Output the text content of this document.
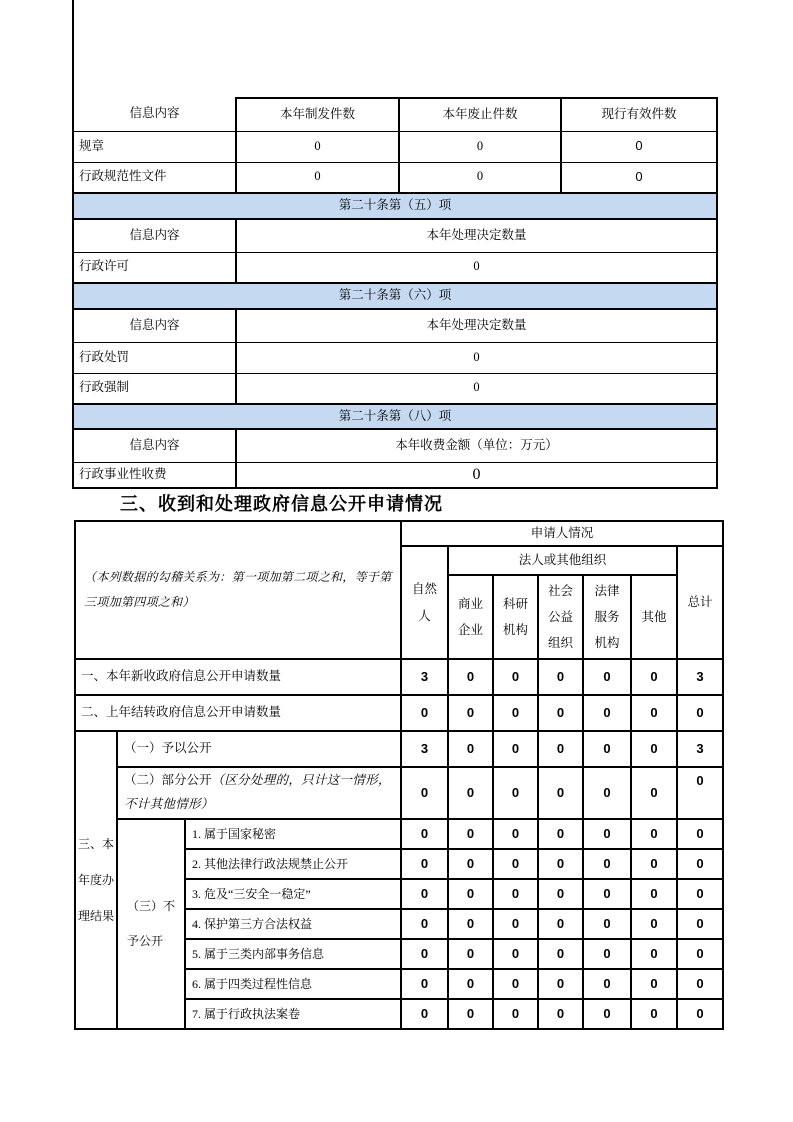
信息内容	本年制发件数	本年废止件数	现行有效件数
规章	0	0	0
行政规范性文件	0	0	0
第二十条第（五）项			
信息内容	本年处理决定数量		
行政许可	0		
第二十条第（六）项			
信息内容	本年处理决定数量		
行政处罚	0		
行政强制	0		
第二十条第（八）项			
信息内容	本年收费金额（单位：万元）		
行政事业性收费	0		
三、收到和处理政府信息公开申请情况
（本列数据的勾稽关系为：第一项加第二项之和，等于第三项加第四项之和）			申请人情况						
			自然人	法人或其他组织					总计
				商业企业	科研机构	社会公益组织	法律服务机构	其他	
一、本年新收政府信息公开申请数量			3	0	0	0	0	0	3
二、上年结转政府信息公开申请数量			0	0	0	0	0	0	0
三、本年度办理结果	（一）予以公开		3	0	0	0	0	0	3
	（二）部分公开（区分处理的，只计这一情形，不计其他情形）		0	0	0	0	0	0	0
	（三）不予公开	1. 属于国家秘密	0	0	0	0	0	0	0
		2. 其他法律行政法规禁止公开	0	0	0	0	0	0	0
		3. 危及“三安全一稳定”	0	0	0	0	0	0	0
		4. 保护第三方合法权益	0	0	0	0	0	0	0
		5. 属于三类内部事务信息	0	0	0	0	0	0	0
		6. 属于四类过程性信息	0	0	0	0	0	0	0
		7. 属于行政执法案卷	0	0	0	0	0	0	0
